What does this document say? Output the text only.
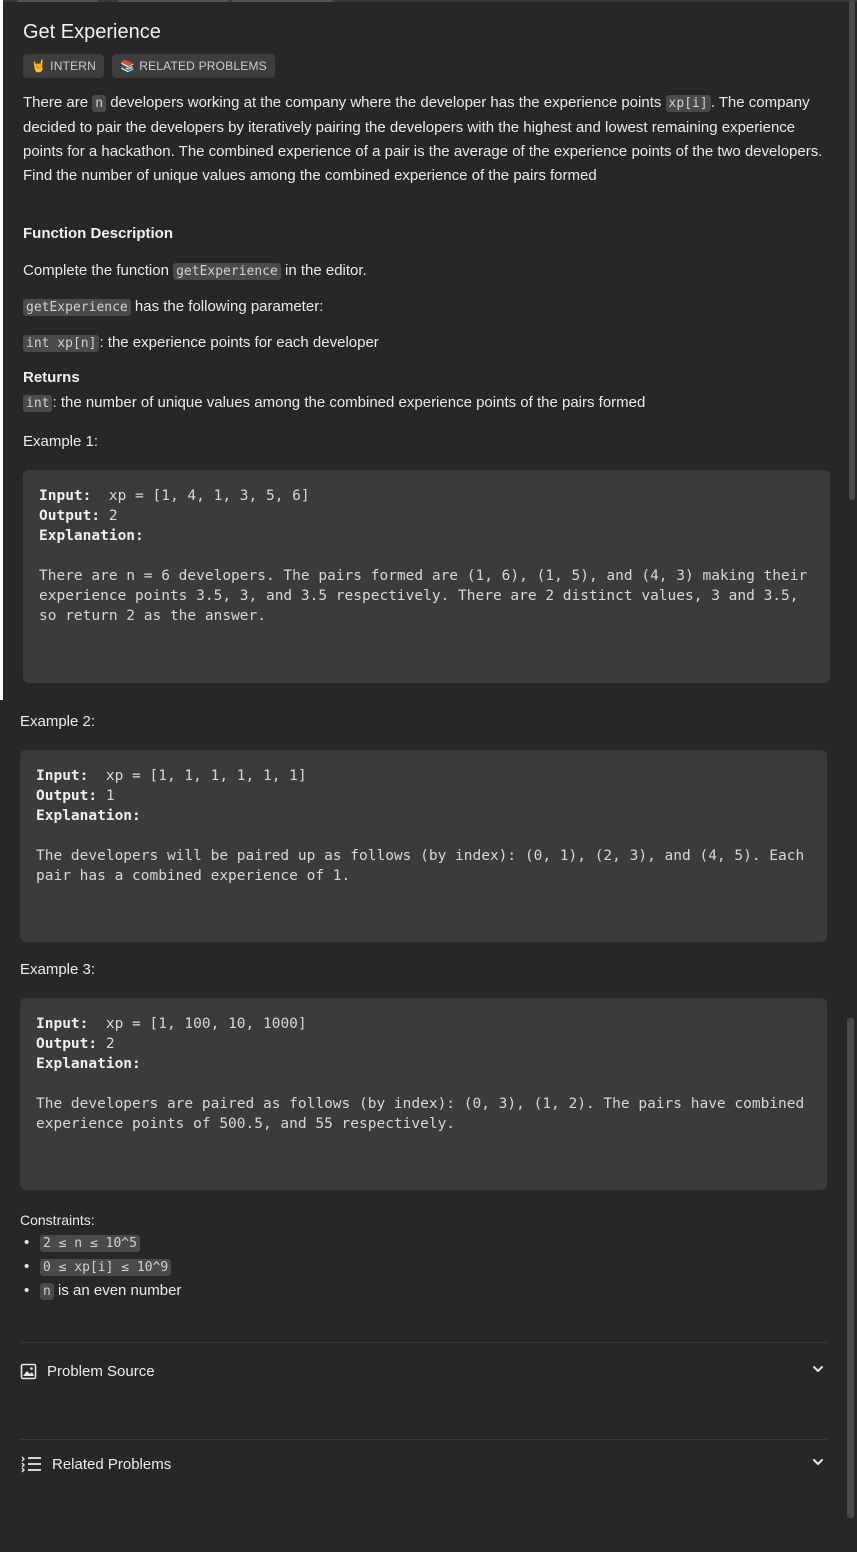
Get Experience
🤘 INTERN	📚 RELATED PROBLEMS

There are n developers working at the company where the developer has the experience points xp[i] . The company decided to pair the developers by iteratively pairing the developers with the highest and lowest remaining experience points for a hackathon. The combined experience of a pair is the average of the experience points of the two developers. Find the number of unique values among the combined experience of the pairs formed

Function Description

Complete the function getExperience in the editor.

getExperience has the following parameter:

int xp[n] : the experience points for each developer

Returns

int : the number of unique values among the combined experience points of the pairs formed

Example 1:
Input:  xp = [1, 4, 1, 3, 5, 6]
Output: 2
Explanation:

There are n = 6 developers. The pairs formed are (1, 6), (1, 5), and (4, 3) making their experience points 3.5, 3, and 3.5 respectively. There are 2 distinct values, 3 and 3.5, so return 2 as the answer.
Example 2:
Input:  xp = [1, 1, 1, 1, 1, 1]
Output: 1
Explanation:

The developers will be paired up as follows (by index): (0, 1), (2, 3), and (4, 5). Each pair has a combined experience of 1.
Example 3:
Input:  xp = [1, 100, 10, 1000]
Output: 2
Explanation:

The developers are paired as follows (by index): (0, 3), (1, 2). The pairs have combined experience points of 500.5, and 55 respectively.
Constraints:
• 2 ≤ n ≤ 10^5
• 0 ≤ xp[i] ≤ 10^9
• n is an even number
Problem Source
Related Problems
